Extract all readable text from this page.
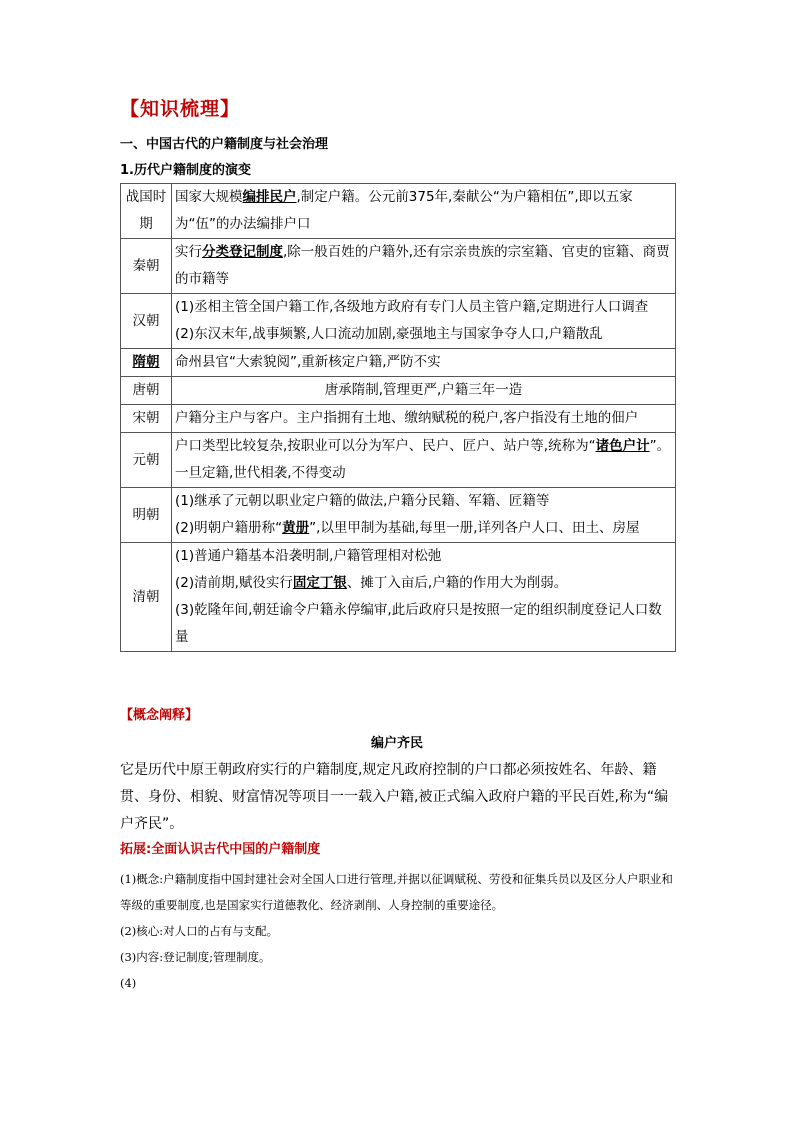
【知识梳理】
一、中国古代的户籍制度与社会治理
1.历代户籍制度的演变
战国时期	国家大规模编排民户,制定户籍。公元前375年,秦献公“为户籍相伍”,即以五家为“伍”的办法编排户口
秦朝	实行分类登记制度,除一般百姓的户籍外,还有宗亲贵族的宗室籍、官吏的宦籍、商贾的市籍等
汉朝	(1)丞相主管全国户籍工作,各级地方政府有专门人员主管户籍,定期进行人口调查
(2)东汉末年,战事频繁,人口流动加剧,豪强地主与国家争夺人口,户籍散乱

隋朝	命州县官“大索貌阅”,重新核定户籍,严防不实
唐朝	唐承隋制,管理更严,户籍三年一造
宋朝	户籍分主户与客户。主户指拥有土地、缴纳赋税的税户,客户指没有土地的佃户
元朝	户口类型比较复杂,按职业可以分为军户、民户、匠户、站户等,统称为“诸色户计”。一旦定籍,世代相袭,不得变动
明朝	(1)继承了元朝以职业定户籍的做法,户籍分民籍、军籍、匠籍等
(2)明朝户籍册称“黄册”,以里甲制为基础,每里一册,详列各户人口、田土、房屋

清朝	(1)普通户籍基本沿袭明制,户籍管理相对松弛
(2)清前期,赋役实行固定丁银、摊丁入亩后,户籍的作用大为削弱。
(3)乾隆年间,朝廷谕令户籍永停编审,此后政府只是按照一定的组织制度登记人口数量
【概念阐释】
编户齐民
它是历代中原王朝政府实行的户籍制度,规定凡政府控制的户口都必须按姓名、年龄、籍贯、身份、相貌、财富情况等项目一一载入户籍,被正式编入政府户籍的平民百姓,称为“编户齐民”。
拓展:全面认识古代中国的户籍制度
(1)概念:户籍制度指中国封建社会对全国人口进行管理,并据以征调赋税、劳役和征集兵员以及区分人户职业和等级的重要制度,也是国家实行道德教化、经济剥削、人身控制的重要途径。
(2)核心:对人口的占有与支配。
(3)内容:登记制度;管理制度。
(4)
